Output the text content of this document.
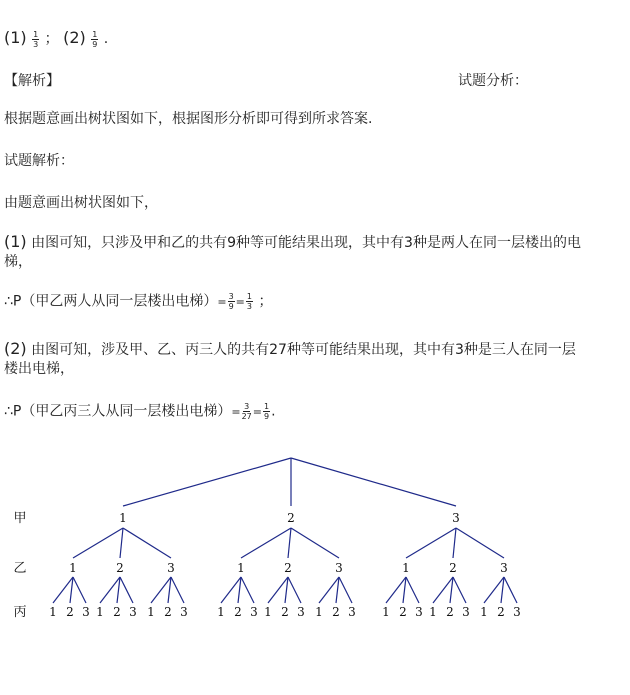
$(1) \frac{1}{3}$ ； $(2) \frac{1}{9}$ .
【解析】	试题分析：
根据题意画出树状图如下，根据图形分析即可得到所求答案.
试题解析：
由题意画出树状图如下，
(1) 由图可知，只涉及甲和乙的共有9种等可能结果出现，其中有3种是两人在同一层楼出的电
梯，
∴P（甲乙两人从同一层楼出电梯）= $\frac{3}{9} = \frac{1}{3}$ ；
(2) 由图可知，涉及甲、乙、丙三人的共有27种等可能结果出现，其中有3种是三人在同一层
楼出电梯，
∴P（甲乙丙三人从同一层楼出电梯）= $\frac{3}{27} = \frac{1}{9}$ .
甲
乙
丙
1
1
1 2 3
2
1 2 3
3
1 2 3
2
1
1 2 3
2
1 2 3
3
1 2 3
3
1
1 2 3
2
1 2 3
3
1 2 3
